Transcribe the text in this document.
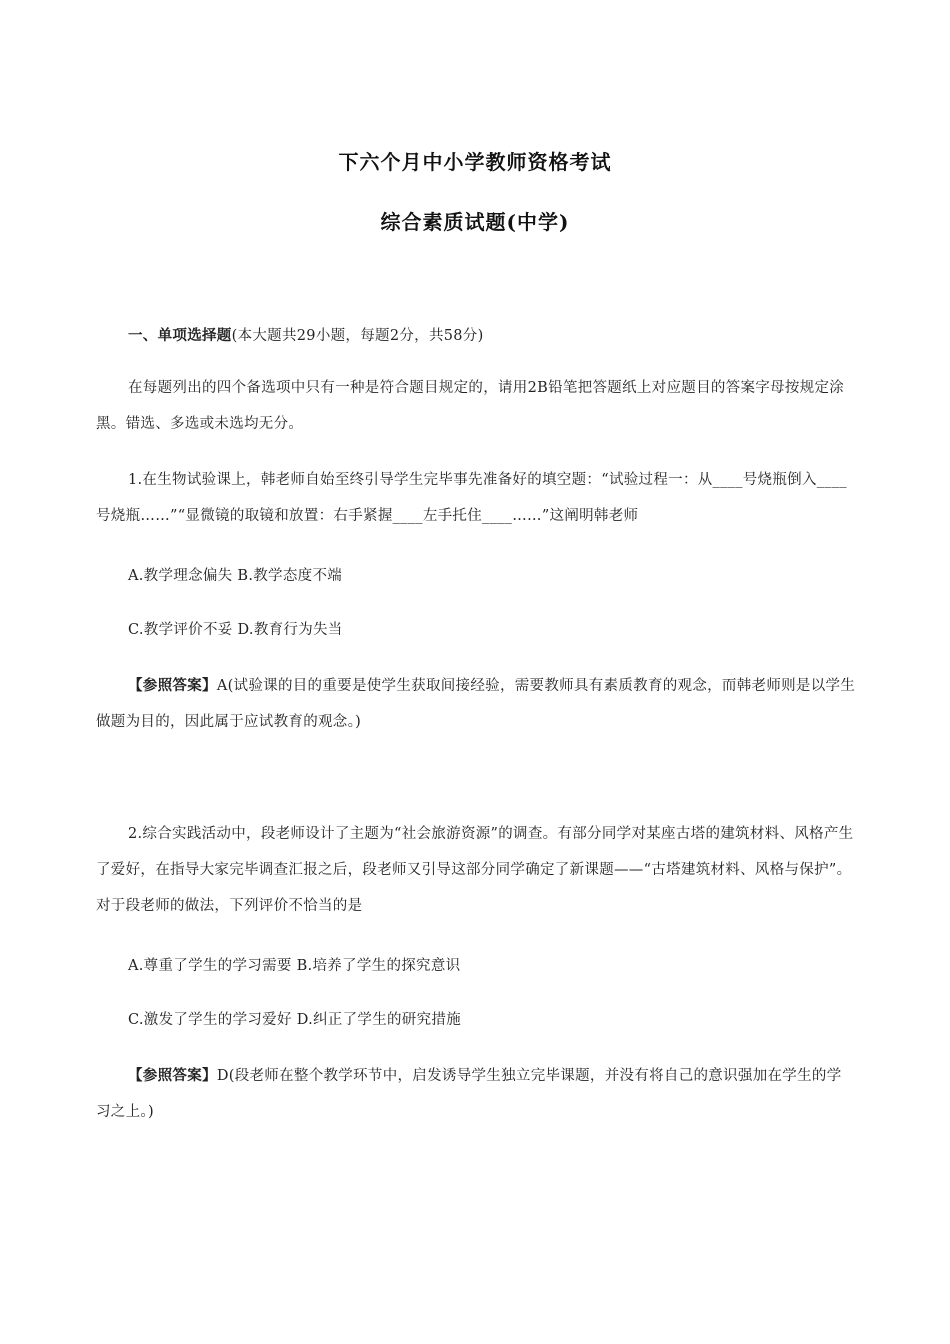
下六个月中小学教师资格考试
综合素质试题(中学)
一、单项选择题(本大题共29小题，每题2分，共58分)
在每题列出的四个备选项中只有一种是符合题目规定的，请用2B铅笔把答题纸上对应题目的答案字母按规定涂黑。错选、多选或未选均无分。
1.在生物试验课上，韩老师自始至终引导学生完毕事先准备好的填空题：“试验过程一：从____号烧瓶倒入____号烧瓶……”“显微镜的取镜和放置：右手紧握____左手托住____……”这阐明韩老师
A.教学理念偏失 B.教学态度不端
C.教学评价不妥 D.教育行为失当
【参照答案】A(试验课的目的重要是使学生获取间接经验，需要教师具有素质教育的观念，而韩老师则是以学生做题为目的，因此属于应试教育的观念。)
2.综合实践活动中，段老师设计了主题为“社会旅游资源”的调查。有部分同学对某座古塔的建筑材料、风格产生了爱好，在指导大家完毕调查汇报之后，段老师又引导这部分同学确定了新课题——“古塔建筑材料、风格与保护”。对于段老师的做法，下列评价不恰当的是
A.尊重了学生的学习需要 B.培养了学生的探究意识
C.激发了学生的学习爱好 D.纠正了学生的研究措施
【参照答案】D(段老师在整个教学环节中，启发诱导学生独立完毕课题，并没有将自己的意识强加在学生的学习之上。)
